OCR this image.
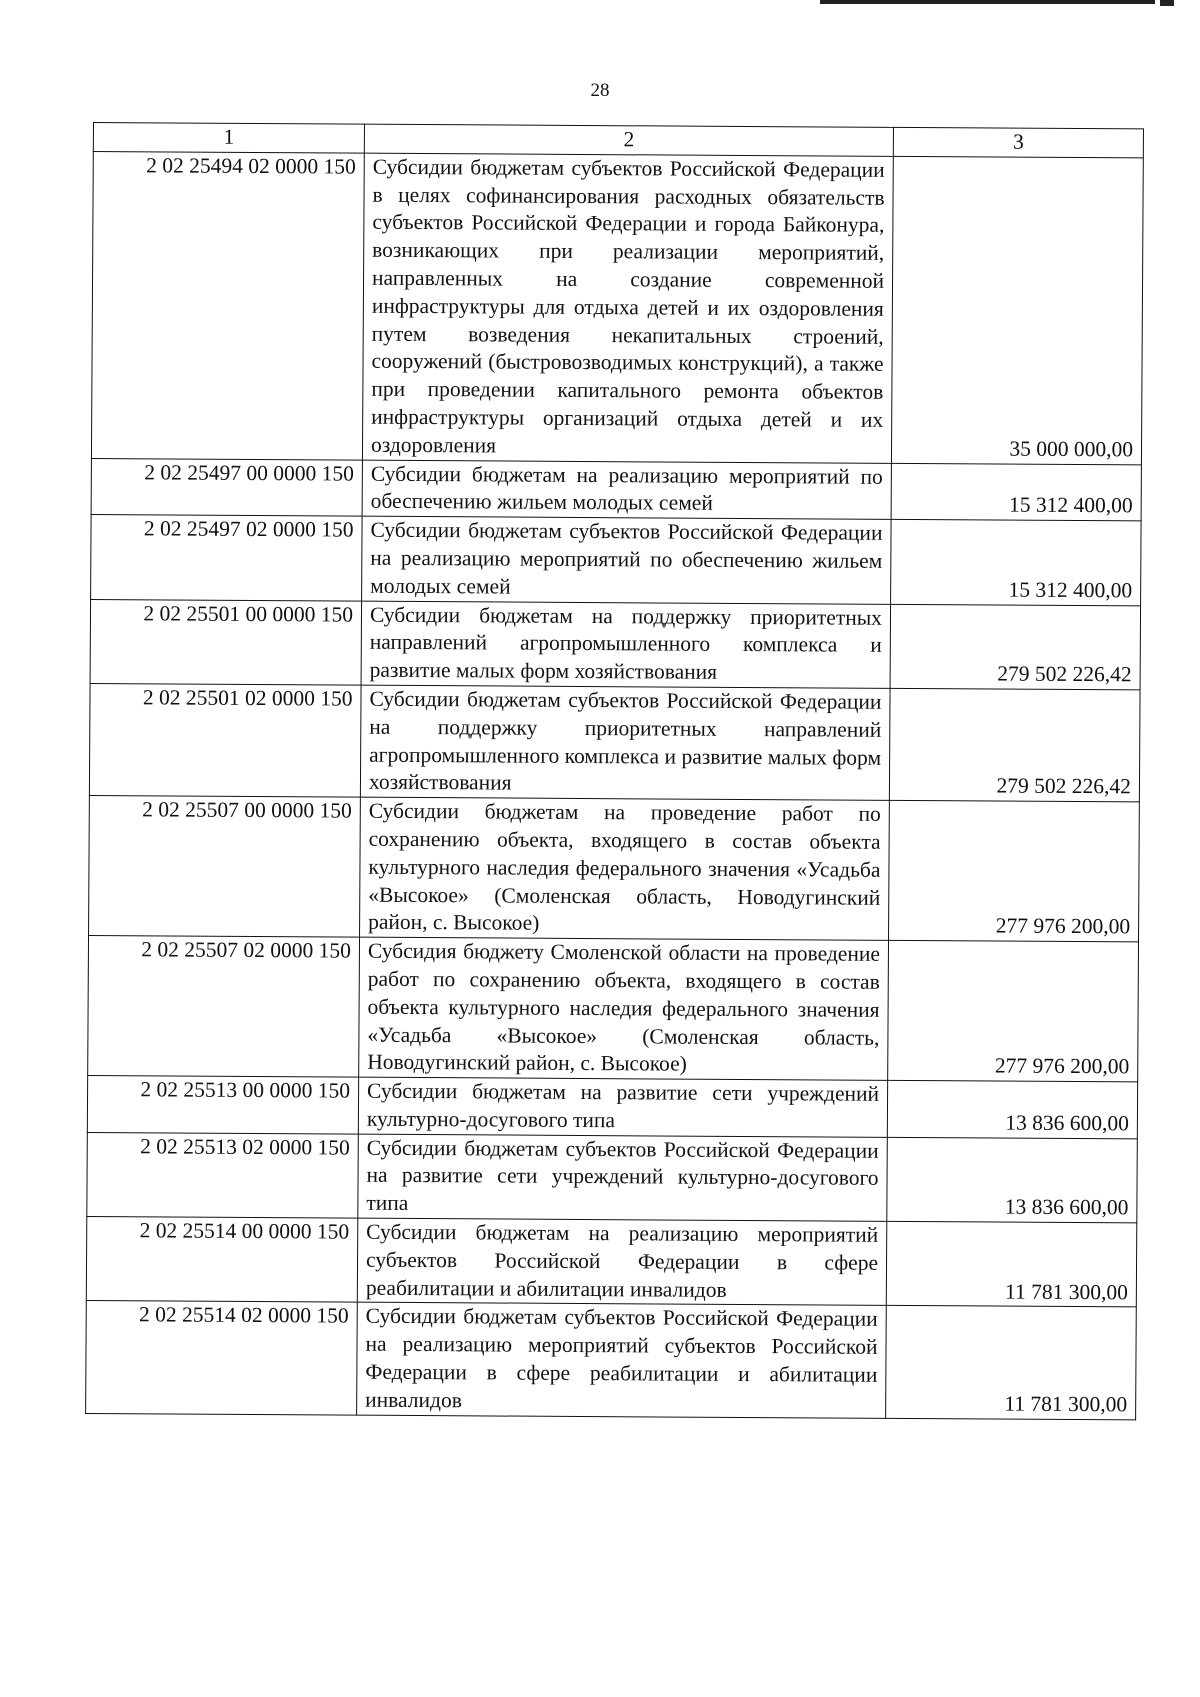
28
1	2	3
2 02 25494 02 0000 150	Субсидии бюджетам субъектов Российской Федерации в целях софинансирования расходных обязательств субъектов Российской Федерации и города Байконура, возникающих при реализации мероприятий, направленных на создание современной инфраструктуры для отдыха детей и их оздоровления путем возведения некапитальных строений, сооружений (быстровозводимых конструкций), а также при проведении капитального ремонта объектов инфраструктуры организаций отдыха детей и их оздоровления	35 000 000,00
2 02 25497 00 0000 150	Субсидии бюджетам на реализацию мероприятий по обеспечению жильем молодых семей	15 312 400,00
2 02 25497 02 0000 150	Субсидии бюджетам субъектов Российской Федерации на реализацию мероприятий по обеспечению жильем молодых семей	15 312 400,00
2 02 25501 00 0000 150	Субсидии бюджетам на поддержку приоритетных направлений агропромышленного комплекса и развитие малых форм хозяйствования	279 502 226,42
2 02 25501 02 0000 150	Субсидии бюджетам субъектов Российской Федерации на поддержку приоритетных направлений агропромышленного комплекса и развитие малых форм хозяйствования	279 502 226,42
2 02 25507 00 0000 150	Субсидии бюджетам на проведение работ по сохранению объекта, входящего в состав объекта культурного наследия федерального значения «Усадьба «Высокое» (Смоленская область, Новодугинский район, с. Высокое)	277 976 200,00
2 02 25507 02 0000 150	Субсидия бюджету Смоленской области на проведение работ по сохранению объекта, входящего в состав объекта культурного наследия федерального значения «Усадьба «Высокое» (Смоленская область, Новодугинский район, с. Высокое)	277 976 200,00
2 02 25513 00 0000 150	Субсидии бюджетам на развитие сети учреждений культурно-досугового типа	13 836 600,00
2 02 25513 02 0000 150	Субсидии бюджетам субъектов Российской Федерации на развитие сети учреждений культурно-досугового типа	13 836 600,00
2 02 25514 00 0000 150	Субсидии бюджетам на реализацию мероприятий субъектов Российской Федерации в сфере реабилитации и абилитации инвалидов	11 781 300,00
2 02 25514 02 0000 150	Субсидии бюджетам субъектов Российской Федерации на реализацию мероприятий субъектов Российской Федерации в сфере реабилитации и абилитации инвалидов	11 781 300,00
